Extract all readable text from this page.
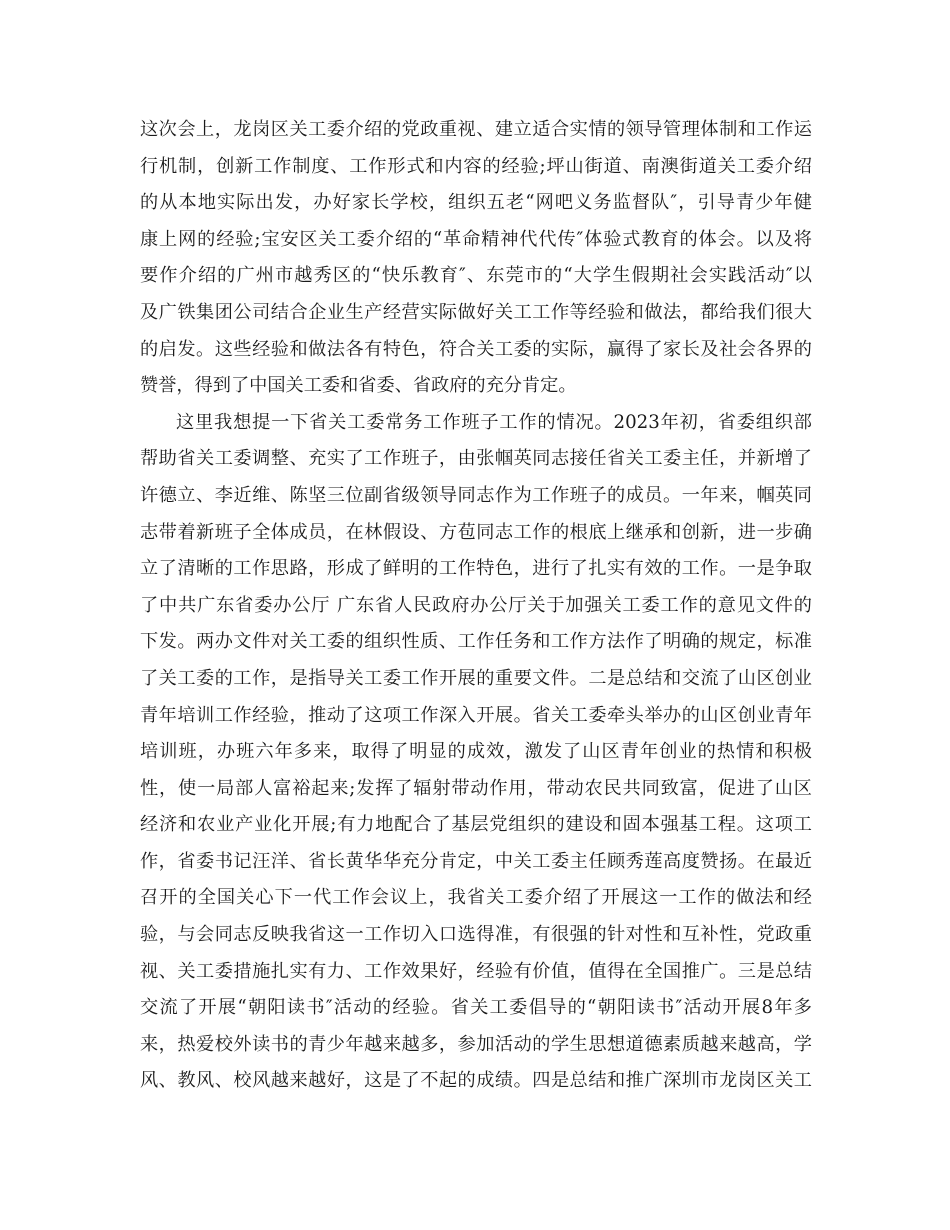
这次会上，龙岗区关工委介绍的党政重视、建立适合实情的领导管理体制和工作运
行机制，创新工作制度、工作形式和内容的经验;坪山街道、南澳街道关工委介绍
的从本地实际出发，办好家长学校，组织五老“网吧义务监督队″，引导青少年健
康上网的经验;宝安区关工委介绍的“革命精神代代传″体验式教育的体会。以及将
要作介绍的广州市越秀区的“快乐教育″、东莞市的“大学生假期社会实践活动″以
及广铁集团公司结合企业生产经营实际做好关工工作等经验和做法，都给我们很大
的启发。这些经验和做法各有特色，符合关工委的实际，赢得了家长及社会各界的
赞誉，得到了中国关工委和省委、省政府的充分肯定。

这里我想提一下省关工委常务工作班子工作的情况。2023年初，省委组织部
帮助省关工委调整、充实了工作班子，由张帼英同志接任省关工委主任，并新增了
许德立、李近维、陈坚三位副省级领导同志作为工作班子的成员。一年来，帼英同
志带着新班子全体成员，在林假设、方苞同志工作的根底上继承和创新，进一步确
立了清晰的工作思路，形成了鲜明的工作特色，进行了扎实有效的工作。一是争取
了中共广东省委办公厅 广东省人民政府办公厅关于加强关工委工作的意见文件的
下发。两办文件对关工委的组织性质、工作任务和工作方法作了明确的规定，标准
了关工委的工作，是指导关工委工作开展的重要文件。二是总结和交流了山区创业
青年培训工作经验，推动了这项工作深入开展。省关工委牵头举办的山区创业青年
培训班，办班六年多来，取得了明显的成效，激发了山区青年创业的热情和积极
性，使一局部人富裕起来;发挥了辐射带动作用，带动农民共同致富，促进了山区
经济和农业产业化开展;有力地配合了基层党组织的建设和固本强基工程。这项工
作，省委书记汪洋、省长黄华华充分肯定，中关工委主任顾秀莲高度赞扬。在最近
召开的全国关心下一代工作会议上，我省关工委介绍了开展这一工作的做法和经
验，与会同志反映我省这一工作切入口选得准，有很强的针对性和互补性，党政重
视、关工委措施扎实有力、工作效果好，经验有价值，值得在全国推广。三是总结
交流了开展“朝阳读书″活动的经验。省关工委倡导的“朝阳读书″活动开展8年多
来，热爱校外读书的青少年越来越多，参加活动的学生思想道德素质越来越高，学
风、教风、校风越来越好，这是了不起的成绩。四是总结和推广深圳市龙岗区关工
